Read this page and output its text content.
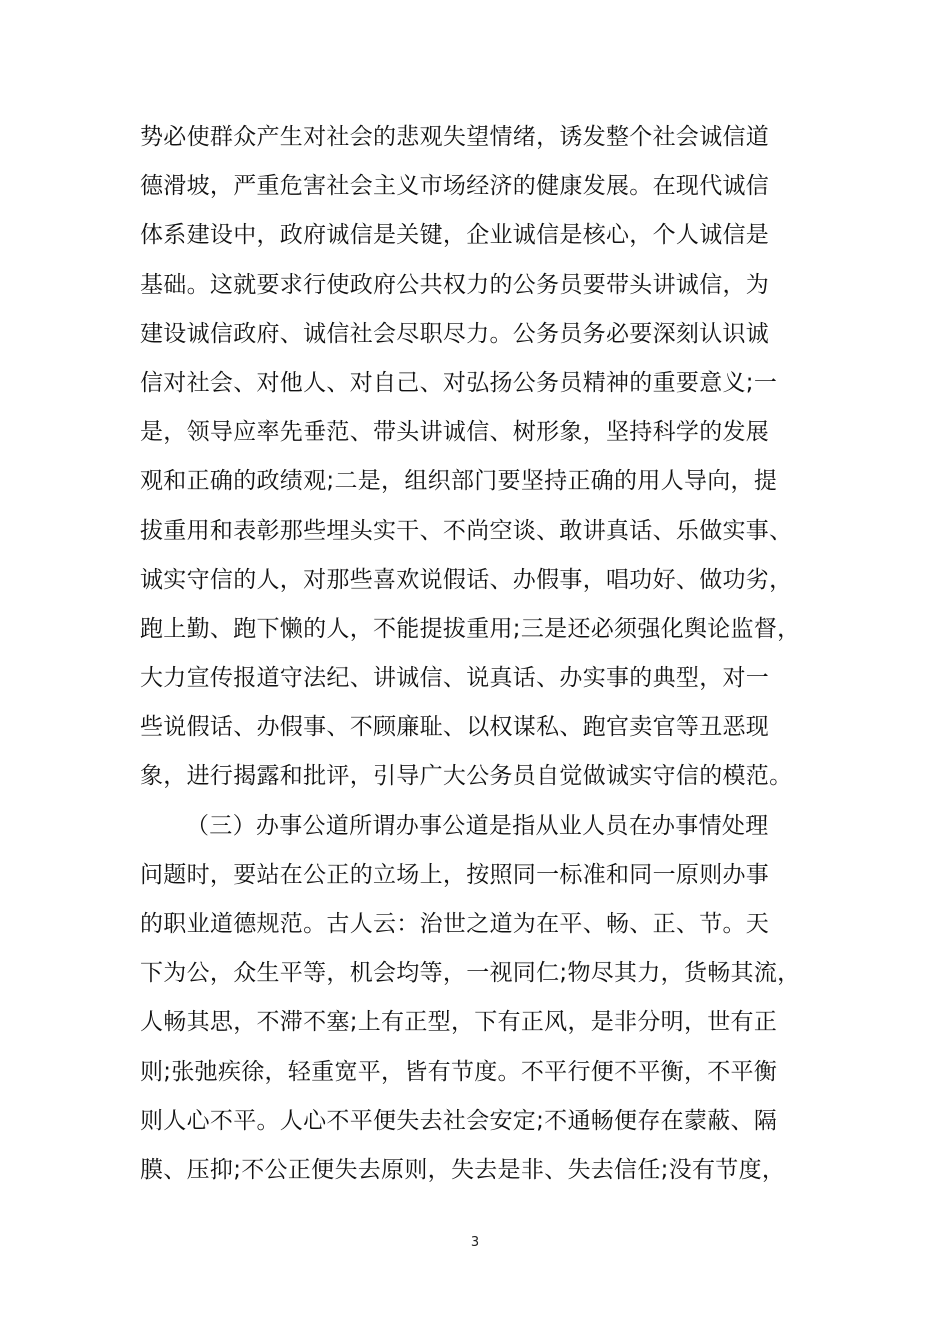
势必使群众产生对社会的悲观失望情绪，诱发整个社会诚信道
德滑坡，严重危害社会主义市场经济的健康发展。在现代诚信
体系建设中，政府诚信是关键，企业诚信是核心，个人诚信是
基础。这就要求行使政府公共权力的公务员要带头讲诚信，为
建设诚信政府、诚信社会尽职尽力。公务员务必要深刻认识诚
信对社会、对他人、对自己、对弘扬公务员精神的重要意义;一
是，领导应率先垂范、带头讲诚信、树形象，坚持科学的发展
观和正确的政绩观;二是，组织部门要坚持正确的用人导向，提
拔重用和表彰那些埋头实干、不尚空谈、敢讲真话、乐做实事、
诚实守信的人，对那些喜欢说假话、办假事，唱功好、做功劣，
跑上勤、跑下懒的人，不能提拔重用;三是还必须强化舆论监督，
大力宣传报道守法纪、讲诚信、说真话、办实事的典型，对一
些说假话、办假事、不顾廉耻、以权谋私、跑官卖官等丑恶现
象，进行揭露和批评，引导广大公务员自觉做诚实守信的模范。
（三）办事公道所谓办事公道是指从业人员在办事情处理
问题时，要站在公正的立场上，按照同一标准和同一原则办事
的职业道德规范。古人云：治世之道为在平、畅、正、节。天
下为公，众生平等，机会均等，一视同仁;物尽其力，货畅其流，
人畅其思，不滞不塞;上有正型，下有正风，是非分明，世有正
则;张弛疾徐，轻重宽平，皆有节度。不平行便不平衡，不平衡
则人心不平。人心不平便失去社会安定;不通畅便存在蒙蔽、隔
膜、压抑;不公正便失去原则，失去是非、失去信任;没有节度，
3
